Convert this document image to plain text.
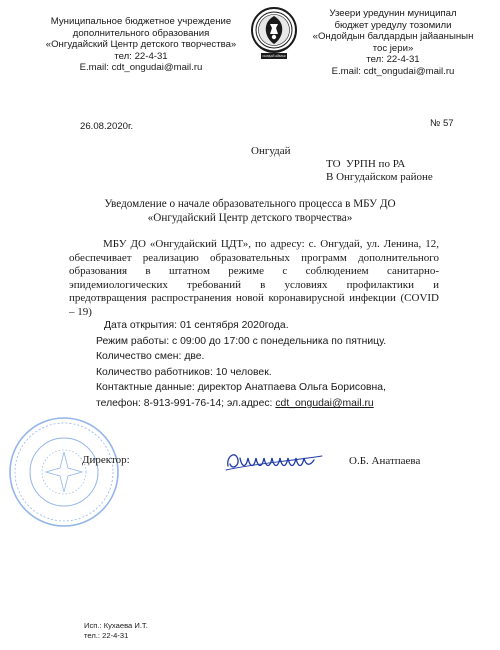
Муниципальное бюджетное учреждение
дополнительного образования
«Онгудайский Центр детского творчества»
тел: 22-4-31
E.mail: cdt_ongudai@mail.ru
ОНГДАЙ АЙМАК
Узеери уредунин муниципал
бюджет уредулу тозомили
«Ондойдын балдардын jайаанынын
тос jepи»
тел: 22-4-31
E.mail: cdt_ongudai@mail.ru
26.08.2020г.	№ 57
Онгудай
ТО  УРПН по РА
В Онгудайском районе
Уведомление о начале образовательного процесса в МБУ ДО
«Онгудайский Центр детского творчества»
МБУ ДО «Онгудайский ЦДТ», по адресу: с. Онгудай, ул. Ленина, 12,
обеспечивает реализацию образовательных программ дополнительного
образования в штатном режиме с соблюдением санитарно-
эпидемиологических требований в условиях профилактики и
предотвращения распространения новой коронавирусной инфекции (COVID
– 19)
Дата открытия: 01 сентября 2020года.
Режим работы: с 09:00 до 17:00 с понедельника по пятницу.
Количество смен: две.
Количество работников: 10 человек.
Контактные данные: директор Анатпаева Ольга Борисовна,
телефон: 8-913-991-76-14; эл.адрес: cdt_ongudai@mail.ru
Директор:	О.Б. Анатпаева
Исп.: Кухаева И.Т.
тел.: 22-4-31
